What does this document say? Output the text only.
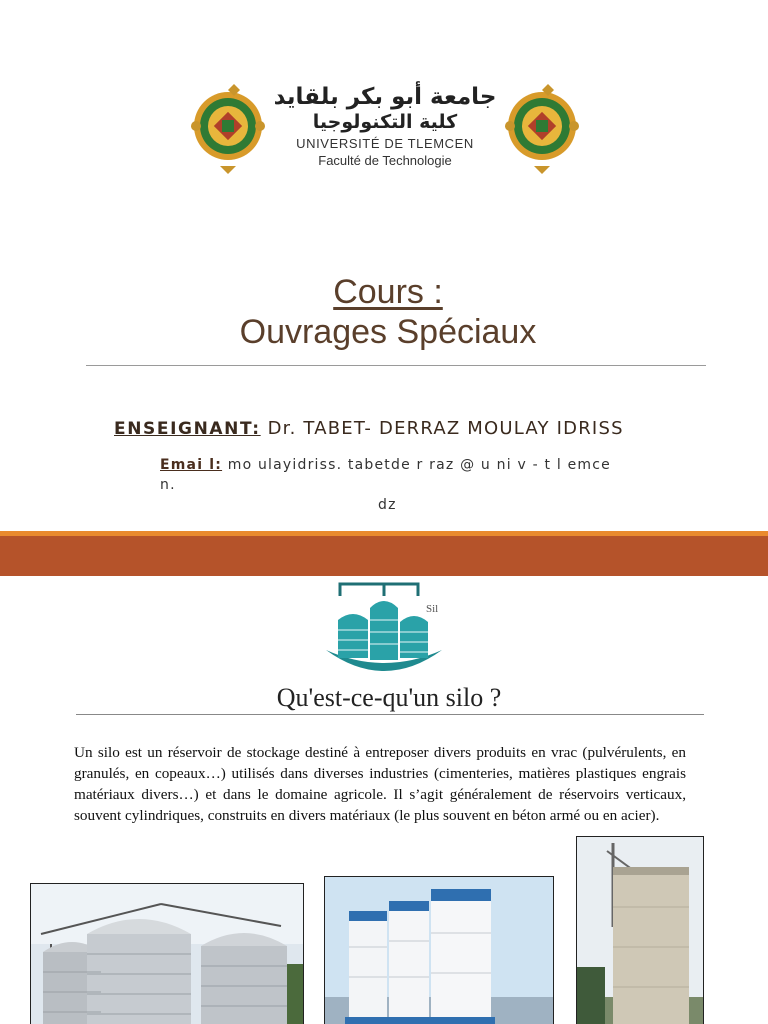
جامعة أبو بكر بلقايد
كلية التكنولوجيا
UNIVERSITÉ DE TLEMCEN
Faculté de Technologie
Cours :
Ouvrages Spéciaux
ENSEIGNANT: Dr. TABET- DERRAZ MOULAY IDRISS
Emai l: mo ulayidriss. tabetde r raz @ u ni v - t l emce n.
dz
Sil
Qu'est-ce-qu'un silo ?
Un silo est un réservoir de stockage destiné à entreposer divers produits en vrac (pulvérulents, en granulés, en copeaux…) utilisés dans diverses industries (cimenteries, matières plastiques engrais matériaux divers…) et dans le domaine agricole. Il s’agit généralement de réservoirs verticaux, souvent cylindriques, construits en divers matériaux (le plus souvent en béton armé ou en acier).
